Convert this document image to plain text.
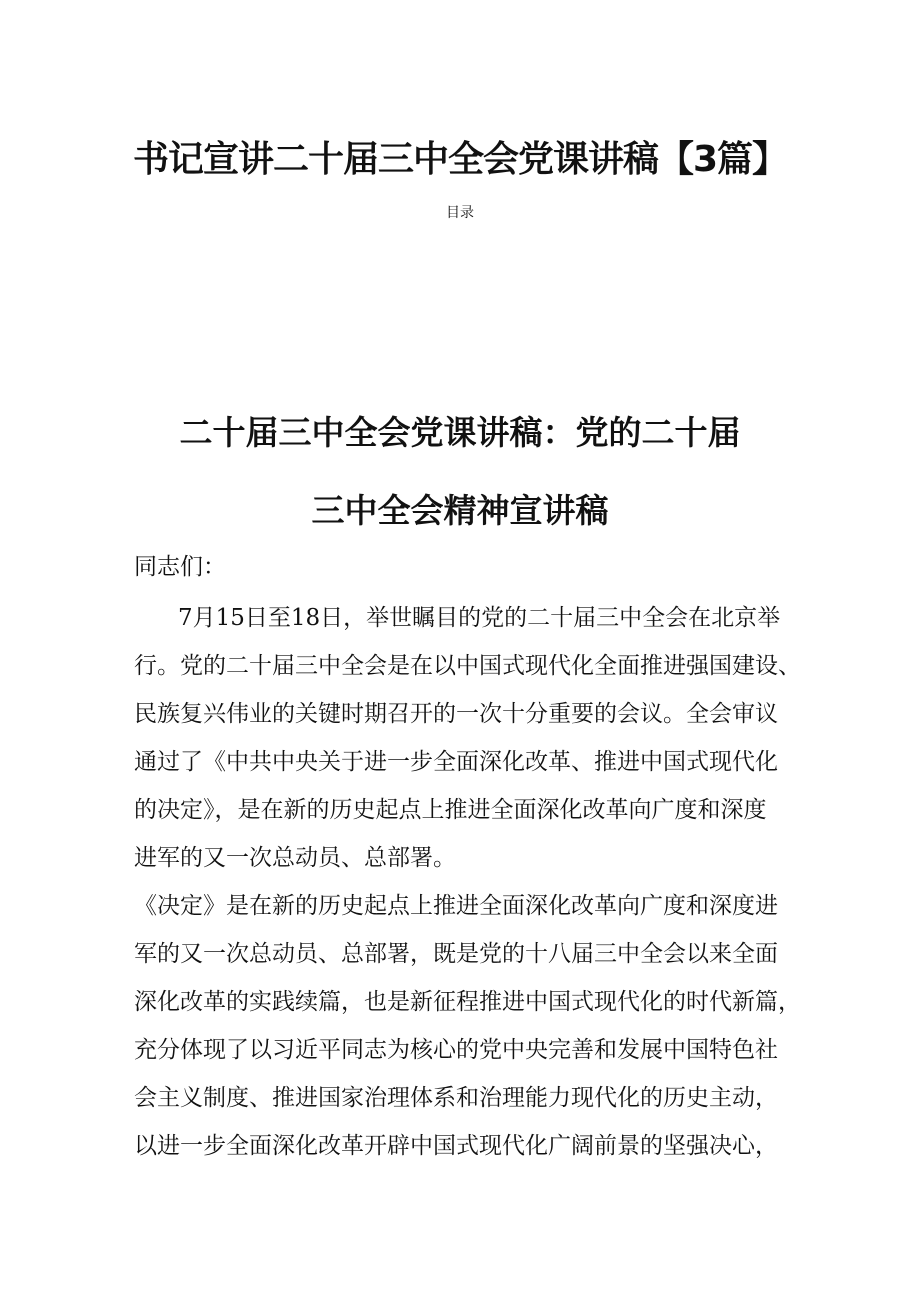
书记宣讲二十届三中全会党课讲稿【3篇】
目录
二十届三中全会党课讲稿：党的二十届
三中全会精神宣讲稿
同志们：
7月15日至18日，举世瞩目的党的二十届三中全会在北京举
行。党的二十届三中全会是在以中国式现代化全面推进强国建设、
民族复兴伟业的关键时期召开的一次十分重要的会议。全会审议
通过了《中共中央关于进一步全面深化改革、推进中国式现代化
的决定》，是在新的历史起点上推进全面深化改革向广度和深度
进军的又一次总动员、总部署。
《决定》是在新的历史起点上推进全面深化改革向广度和深度进
军的又一次总动员、总部署，既是党的十八届三中全会以来全面
深化改革的实践续篇，也是新征程推进中国式现代化的时代新篇，
充分体现了以习近平同志为核心的党中央完善和发展中国特色社
会主义制度、推进国家治理体系和治理能力现代化的历史主动，
以进一步全面深化改革开辟中国式现代化广阔前景的坚强决心，
